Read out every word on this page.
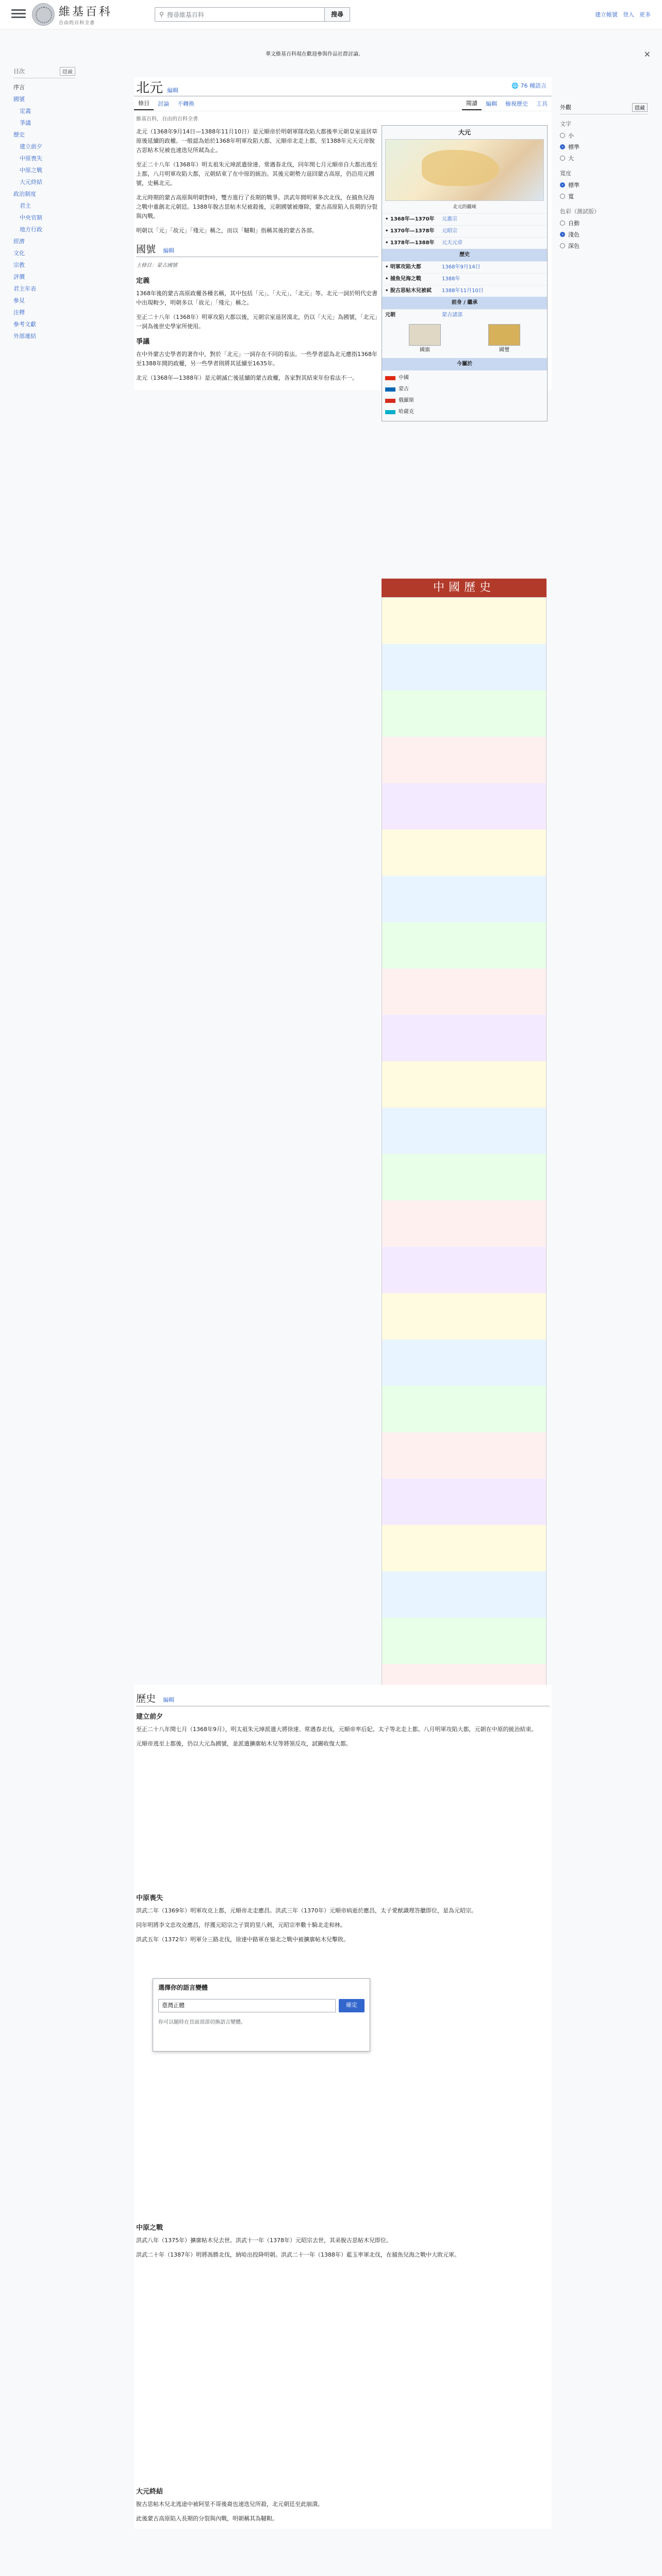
維基百科
自由的百科全書
⚲ 搜尋維基百科	搜尋	建立帳號 登入 更多
華文維基百科現在歡迎參與作品社群討論。	✕
目次	隱藏
序言
國號
定義
爭議
歷史
建立前夕
中原喪失
中原之戰
大元終結
政治制度
君主
中央官制
地方行政
經濟
文化
宗教
評價
君主年表
參見
注釋
參考文獻
外部連結
北元 編輯
🌐 76 種語言
條目	討論	不轉換	閱讀	編輯	檢視歷史	工具
維基百科，自由的百科全書
大元
北元的疆域
• 1368年—1370年	元惠宗
• 1370年—1378年	元昭宗
• 1378年—1388年	元天元帝
歷史
• 明軍攻陷大都	1368年9月14日
• 捕魚兒海之戰	1388年
• 脫古思帖木兒被弒	1388年11月10日
前身 / 繼承
元朝	蒙古諸部
國旗	國璽
今屬於
中國
蒙古
俄羅斯
哈薩克

北元（1368年9月14日—1388年11月10日）是元順帝於明朝軍隊攻陷大都後率元朝皇室退居草原後延續的政權。一般認為始於1368年明軍攻陷大都、元順帝北走上都，至1388年元天元帝脫古思帖木兒被也速迭兒所弒為止。

至正二十八年（1368年）明太祖朱元璋派遣徐達、常遇春北伐，同年閏七月元順帝自大都出逃至上都，八月明軍攻陷大都，元朝結束了在中原的統治。其後元朝勢力退回蒙古高原，仍沿用元國號，史稱北元。

北元時期的蒙古高原與明朝對峙，雙方進行了長期的戰爭。洪武年間明軍多次北伐，在捕魚兒海之戰中重創北元朝廷。1388年脫古思帖木兒被殺後，元朝國號被廢除，蒙古高原陷入長期的分裂與內戰。

明朝以「元」「故元」「殘元」稱之，而以「韃靼」指稱其後的蒙古各部。

國號 編輯
主條目：蒙古國號
定義

1368年後的蒙古高原政權各種名稱，其中包括「元」、「大元」、「北元」等。北元一詞於明代史書中出現較少，明朝多以「故元」「殘元」稱之。

至正二十八年（1368年）明軍攻陷大都以後，元朝宗室退居漠北，仍以「大元」為國號，「北元」一詞為後世史學家所使用。

爭議

在中外蒙古史學者的著作中，對於「北元」一詞存在不同的看法。一些學者認為北元應指1368年至1388年間的政權，另一些學者則將其延續至1635年。

北元（1368年—1388年）是元朝滅亡後延續的蒙古政權，各家對其結束年份看法不一。

中國歷史
歷史 編輯
建立前夕

至正二十八年閏七月（1368年9月），明太祖朱元璋派遣大將徐達、常遇春北伐，元順帝率后妃、太子等北走上都。八月明軍攻陷大都，元朝在中原的統治結束。

元順帝逃至上都後，仍以大元為國號，並派遣擴廓帖木兒等將領反攻，試圖收復大都。

中原喪失

洪武二年（1369年）明軍攻克上都，元順帝北走應昌。洪武三年（1370年）元順帝病逝於應昌，太子愛猷識理答臘即位，是為元昭宗。

同年明將李文忠攻克應昌，俘獲元昭宗之子買的里八剌，元昭宗率數十騎北走和林。

洪武五年（1372年）明軍分三路北伐，徐達中路軍在嶺北之戰中被擴廓帖木兒擊敗。

中原之戰

洪武八年（1375年）擴廓帖木兒去世。洪武十一年（1378年）元昭宗去世，其弟脫古思帖木兒即位。

洪武二十年（1387年）明將馮勝北伐，納哈出投降明朝。洪武二十一年（1388年）藍玉率軍北伐，在捕魚兒海之戰中大敗元軍。

大元終結

脫古思帖木兒北逃途中被阿里不哥後裔也速迭兒所殺，北元朝廷至此崩潰。

此後蒙古高原陷入長期的分裂與內戰，明朝稱其為韃靼。

選擇你的語言變體
臺灣正體	確定
你可以隨時在頁面頂部切換語言變體。
外觀	隱藏
文字
小
標準
大
寬度
標準
寬
色彩（測試版）
自動
淺色
深色
